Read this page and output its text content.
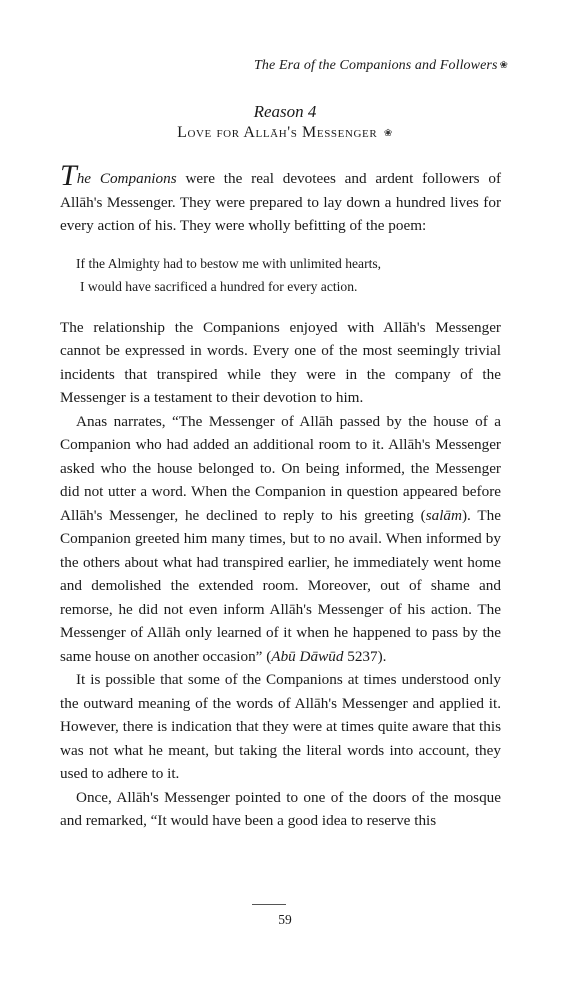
The Era of the Companions and Followers ❀
Reason 4
Love for Allāh's Messenger ❀

The Companions were the real devotees and ardent followers of Allāh's Messenger. They were prepared to lay down a hundred lives for every action of his. They were wholly befitting of the poem:

If the Almighty had to bestow me with unlimited hearts,
I would have sacrificed a hundred for every action.

The relationship the Companions enjoyed with Allāh's Messenger cannot be expressed in words. Every one of the most seemingly trivial incidents that transpired while they were in the company of the Messenger is a testament to their devotion to him.

Anas narrates, “The Messenger of Allāh passed by the house of a Companion who had added an additional room to it. Allāh's Messenger asked who the house belonged to. On being informed, the Messenger did not utter a word. When the Companion in question appeared before Allāh's Messenger, he declined to reply to his greeting (salām). The Companion greeted him many times, but to no avail. When informed by the others about what had transpired earlier, he immediately went home and demolished the extended room. Moreover, out of shame and remorse, he did not even inform Allāh's Messenger of his action. The Messenger of Allāh only learned of it when he happened to pass by the same house on another occasion” (Abū Dāwūd 5237).

It is possible that some of the Companions at times understood only the outward meaning of the words of Allāh's Messenger and applied it. However, there is indication that they were at times quite aware that this was not what he meant, but taking the literal words into account, they used to adhere to it.

Once, Allāh's Messenger pointed to one of the doors of the mosque and remarked, “It would have been a good idea to reserve this

59
